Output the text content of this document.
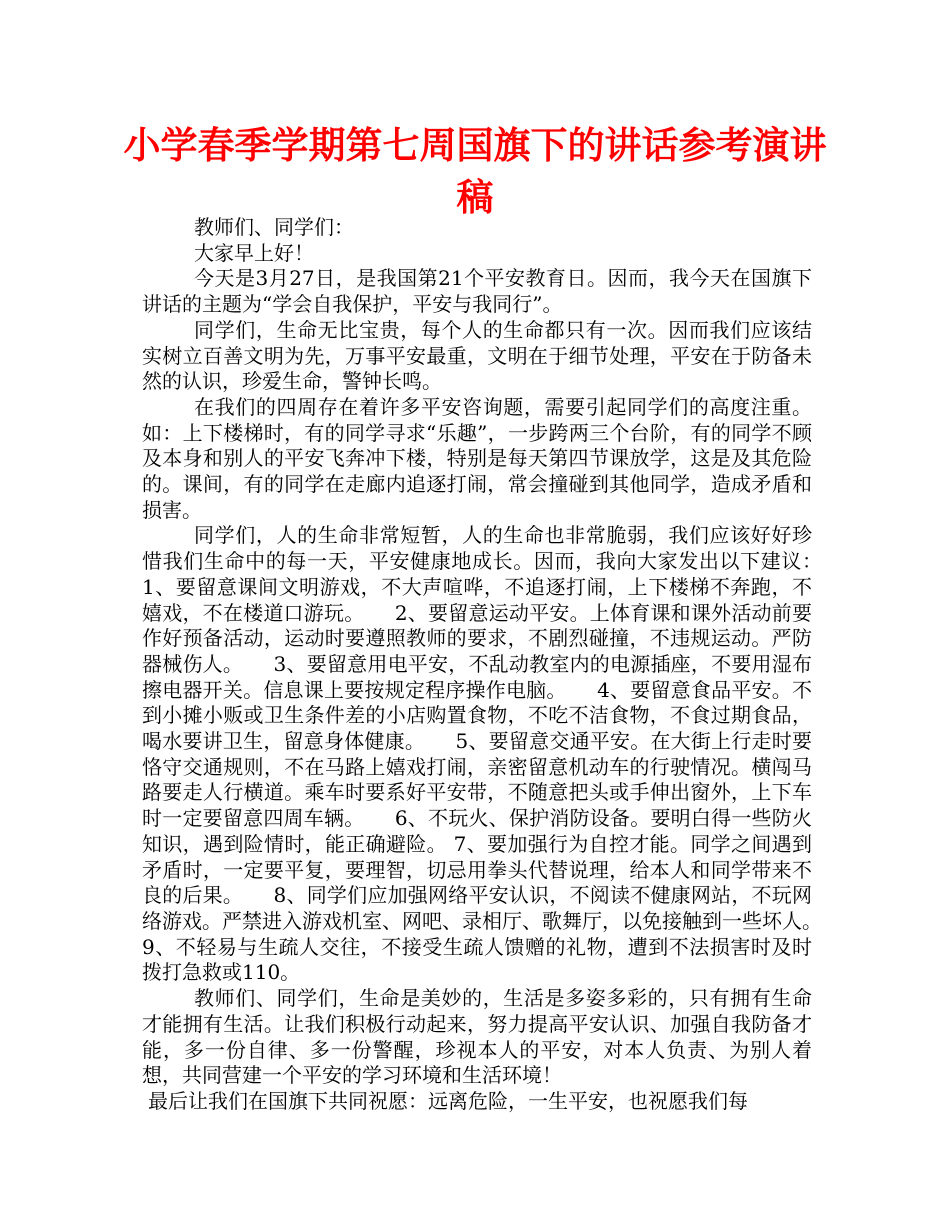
小学春季学期第七周国旗下的讲话参考演讲稿

教师们、同学们：

大家早上好！

今天是3月27日，是我国第21个平安教育日。因而，我今天在国旗下讲话的主题为“学会自我保护，平安与我同行”。

同学们，生命无比宝贵，每个人的生命都只有一次。因而我们应该结实树立百善文明为先，万事平安最重，文明在于细节处理，平安在于防备未然的认识，珍爱生命，警钟长鸣。

在我们的四周存在着许多平安咨询题，需要引起同学们的高度注重。如：上下楼梯时，有的同学寻求“乐趣”，一步跨两三个台阶，有的同学不顾及本身和别人的平安飞奔冲下楼，特别是每天第四节课放学，这是及其危险的。课间，有的同学在走廊内追逐打闹，常会撞碰到其他同学，造成矛盾和损害。

同学们，人的生命非常短暂，人的生命也非常脆弱，我们应该好好珍惜我们生命中的每一天，平安健康地成长。因而，我向大家发出以下建议：　　1、要留意课间文明游戏，不大声喧哗，不追逐打闹，上下楼梯不奔跑，不嬉戏，不在楼道口游玩。　　2、要留意运动平安。上体育课和课外活动前要作好预备活动，运动时要遵照教师的要求，不剧烈碰撞，不违规运动。严防器械伤人。　　3、要留意用电平安，不乱动教室内的电源插座，不要用湿布擦电器开关。信息课上要按规定程序操作电脑。　　4、要留意食品平安。不到小摊小贩或卫生条件差的小店购置食物，不吃不洁食物，不食过期食品，喝水要讲卫生，留意身体健康。　　5、要留意交通平安。在大街上行走时要恪守交通规则，不在马路上嬉戏打闹，亲密留意机动车的行驶情况。横闯马路要走人行横道。乘车时要系好平安带，不随意把头或手伸出窗外，上下车时一定要留意四周车辆。　　6、不玩火、保护消防设备。要明白得一些防火知识，遇到险情时，能正确避险。 7、要加强行为自控才能。同学之间遇到矛盾时，一定要平复，要理智，切忌用拳头代替说理，给本人和同学带来不良的后果。　　8、同学们应加强网络平安认识，不阅读不健康网站，不玩网络游戏。严禁进入游戏机室、网吧、录相厅、歌舞厅，以免接触到一些坏人。　　9、不轻易与生疏人交往，不接受生疏人馈赠的礼物，遭到不法损害时及时拨打急救或110。

教师们、同学们，生命是美妙的，生活是多姿多彩的，只有拥有生命才能拥有生活。让我们积极行动起来，努力提高平安认识、加强自我防备才能，多一份自律、多一份警醒，珍视本人的平安，对本人负责、为别人着想，共同营建一个平安的学习环境和生活环境！

最后让我们在国旗下共同祝愿：远离危险，一生平安，也祝愿我们每
